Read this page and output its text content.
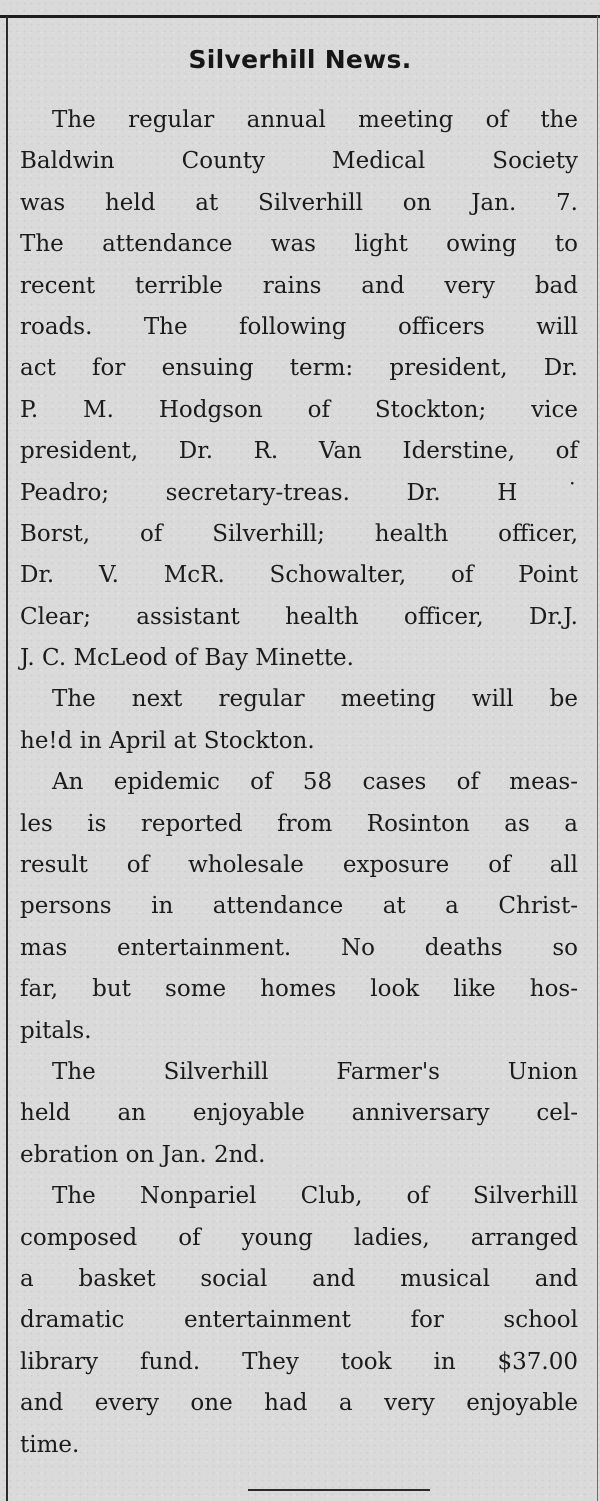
Silverhill News.
The regular annual meeting of the
Baldwin County Medical Society
was held at Silverhill on Jan. 7.
The attendance was light owing to
recent terrible rains and very bad
roads. The following officers will
act for ensuing term: president, Dr.
P. M. Hodgson of Stockton; vice
president, Dr. R. Van Iderstine, of
Peadro; secretary-treas. Dr. H˙
Borst, of Silverhill; health officer,
Dr. V. McR. Schowalter, of Point
Clear; assistant health officer, Dr.J.
J. C. McLeod of Bay Minette.
The next regular meeting will be
he!d in April at Stockton.
An epidemic of 58 cases of meas-
les is reported from Rosinton as a
result of wholesale exposure of all
persons in attendance at a Christ-
mas entertainment. No deaths so
far, but some homes look like hos-
pitals.
The Silverhill Farmer's Union
held an enjoyable anniversary cel-
ebration on Jan. 2nd.
The Nonpariel Club, of Silverhill
composed of young ladies, arranged
a basket social and musical and
dramatic entertainment for school
library fund. They took in $37.00
and every one had a very enjoyable
time.
